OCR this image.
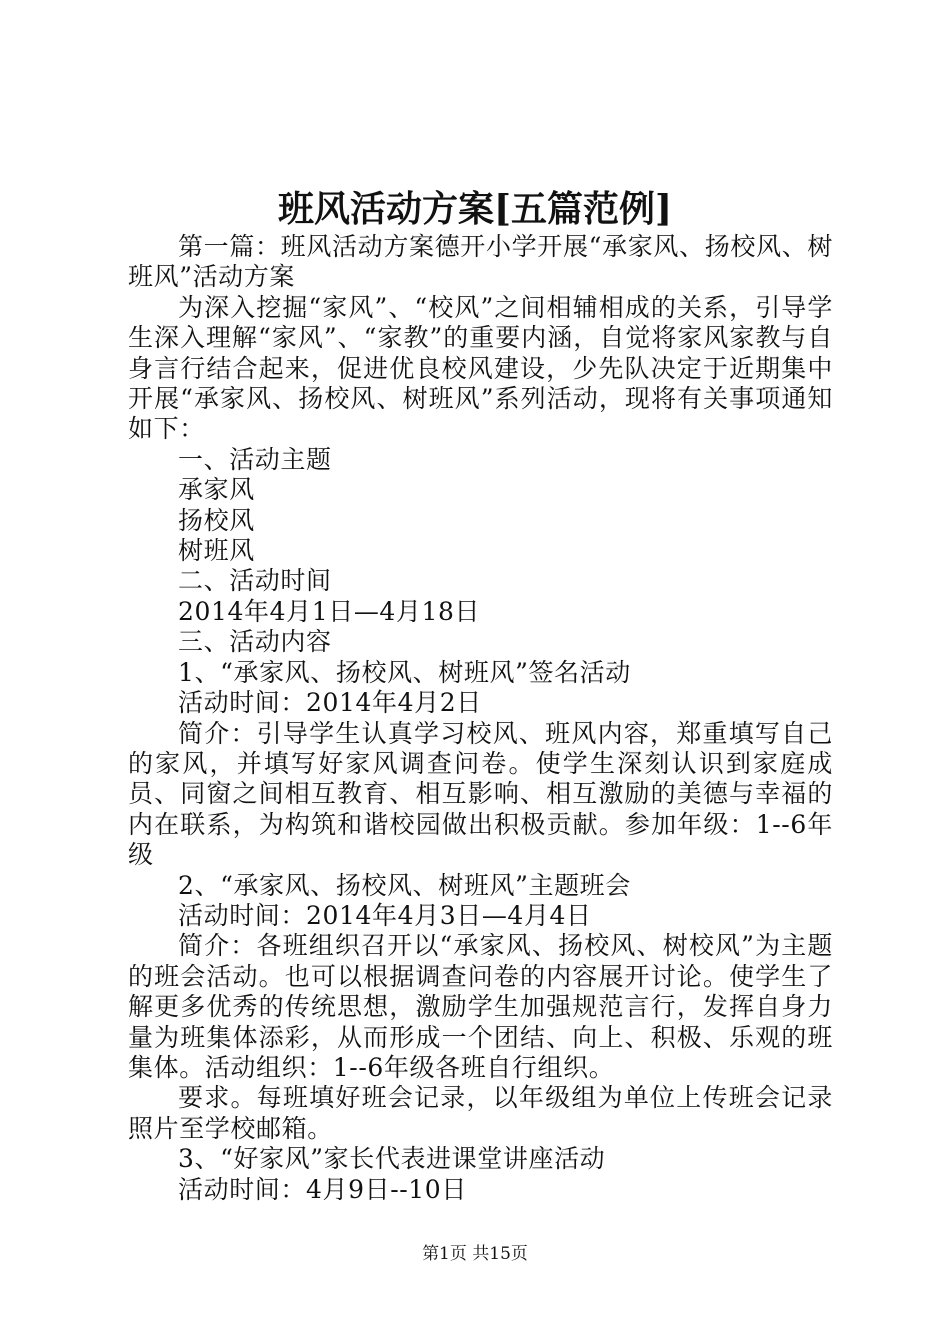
班风活动方案[五篇范例]

第一篇：班风活动方案德开小学开展“承家风、扬校风、树班风”活动方案

为深入挖掘“家风”、“校风”之间相辅相成的关系，引导学生深入理解“家风”、“家教”的重要内涵，自觉将家风家教与自身言行结合起来，促进优良校风建设，少先队决定于近期集中开展“承家风、扬校风、树班风”系列活动，现将有关事项通知如下：

一、活动主题

承家风

扬校风

树班风

二、活动时间

2014年4月1日—4月18日

三、活动内容

1、“承家风、扬校风、树班风”签名活动

活动时间：2014年4月2日

简介：引导学生认真学习校风、班风内容，郑重填写自己的家风，并填写好家风调查问卷。使学生深刻认识到家庭成员、同窗之间相互教育、相互影响、相互激励的美德与幸福的内在联系，为构筑和谐校园做出积极贡献。参加年级：1--6年级

2、“承家风、扬校风、树班风”主题班会

活动时间：2014年4月3日—4月4日

简介：各班组织召开以“承家风、扬校风、树校风”为主题的班会活动。也可以根据调查问卷的内容展开讨论。使学生了解更多优秀的传统思想，激励学生加强规范言行，发挥自身力量为班集体添彩，从而形成一个团结、向上、积极、乐观的班集体。活动组织：1--6年级各班自行组织。

要求。每班填好班会记录，以年级组为单位上传班会记录照片至学校邮箱。

3、“好家风”家长代表进课堂讲座活动

活动时间：4月9日--10日

第1页 共15页
